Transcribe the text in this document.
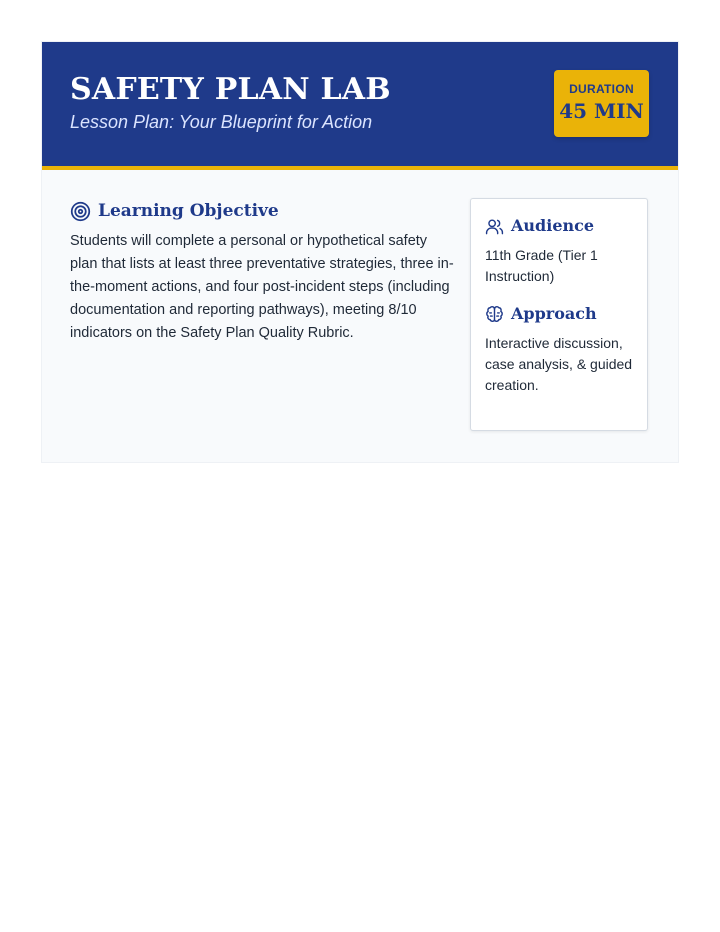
SAFETY PLAN LAB

Lesson Plan: Your Blueprint for Action

DURATION
45 MIN
Learning Objective

Students will complete a personal or hypothetical safety plan that lists at least three preventative strategies, three in-the-moment actions, and four post-incident steps (including documentation and reporting pathways), meeting 8/10 indicators on the Safety Plan Quality Rubric.

Audience

11th Grade (Tier 1 Instruction)

Approach

Interactive discussion, case analysis, & guided creation.
